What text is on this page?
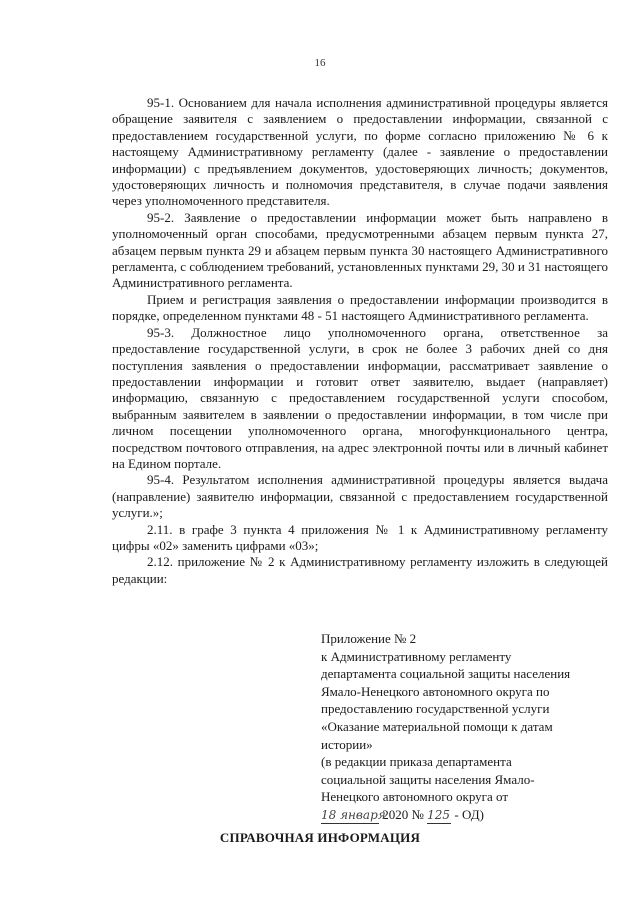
16

95-1. Основанием для начала исполнения административной процедуры является обращение заявителя с заявлением о предоставлении информации, связанной с предоставлением государственной услуги, по форме согласно приложению № 6 к настоящему Административному регламенту (далее - заявление о предоставлении информации) с предъявлением документов, удостоверяющих личность; документов, удостоверяющих личность и полномочия представителя, в случае подачи заявления через уполномоченного представителя.

95-2. Заявление о предоставлении информации может быть направлено в уполномоченный орган способами, предусмотренными абзацем первым пункта 27, абзацем первым пункта 29 и абзацем первым пункта 30 настоящего Административного регламента, с соблюдением требований, установленных пунктами 29, 30 и 31 настоящего Административного регламента.

Прием и регистрация заявления о предоставлении информации производится в порядке, определенном пунктами 48 - 51 настоящего Административного регламента.

95-3. Должностное лицо уполномоченного органа, ответственное за предоставление государственной услуги, в срок не более 3 рабочих дней со дня поступления заявления о предоставлении информации, рассматривает заявление о предоставлении информации и готовит ответ заявителю, выдает (направляет) информацию, связанную с предоставлением государственной услуги способом, выбранным заявителем в заявлении о предоставлении информации, в том числе при личном посещении уполномоченного органа, многофункционального центра, посредством почтового отправления, на адрес электронной почты или в личный кабинет на Едином портале.

95-4. Результатом исполнения административной процедуры является выдача (направление) заявителю информации, связанной с предоставлением государственной услуги.»;

2.11. в графе 3 пункта 4 приложения № 1 к Административному регламенту цифры «02» заменить цифрами «03»;

2.12. приложение № 2 к Административному регламенту изложить в следующей редакции:

Приложение № 2
к Административному регламенту
департамента социальной защиты населения
Ямало-Ненецкого автономного округа по
предоставлению государственной услуги
«Оказание материальной помощи к датам
истории»
(в редакции приказа департамента
социальной защиты населения Ямало-
Ненецкого автономного округа от
18 января 2020 № 125 - ОД)
СПРАВОЧНАЯ ИНФОРМАЦИЯ
